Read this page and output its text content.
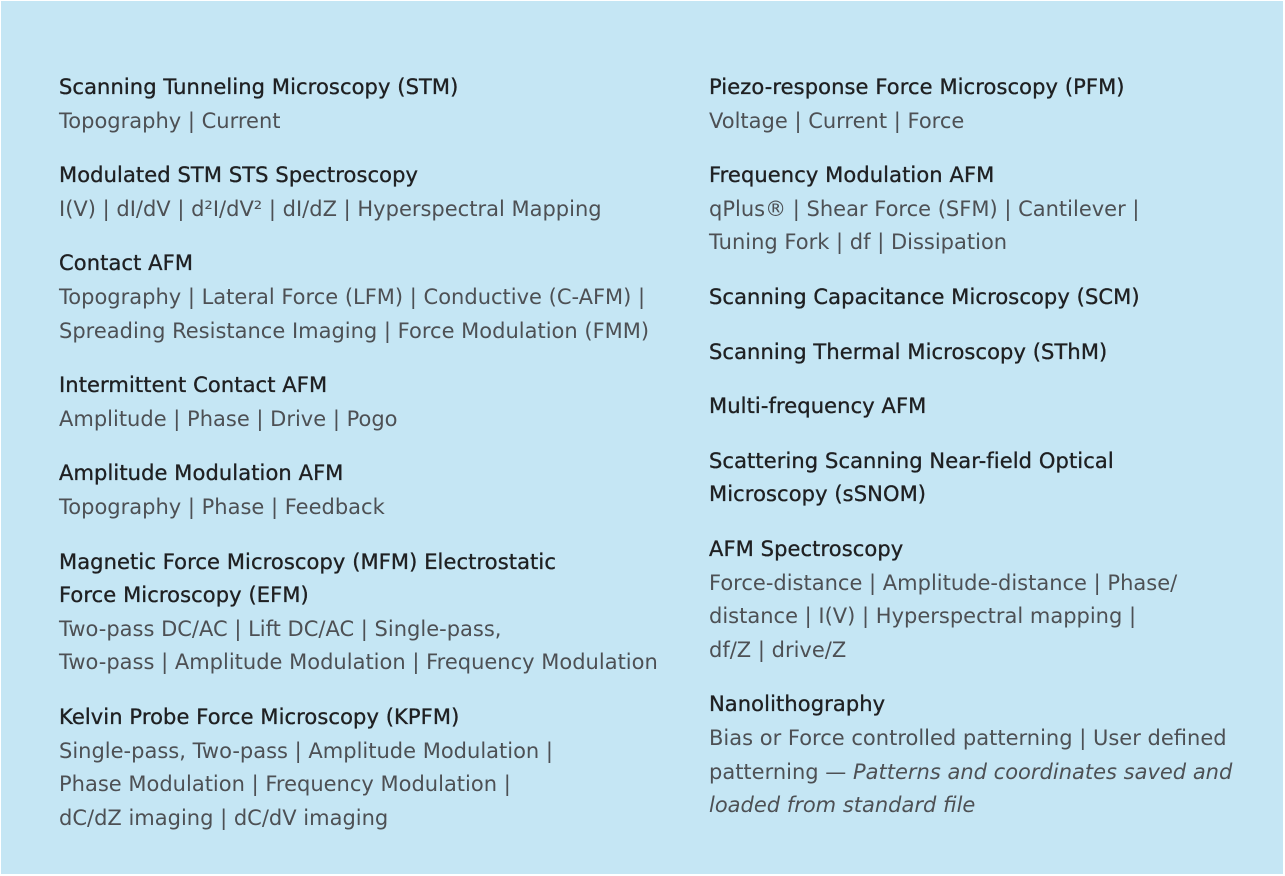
Scanning Tunneling Microscopy (STM)
Topography | Current
Modulated STM STS Spectroscopy
I(V) | dI/dV | d²I/dV² | dI/dZ | Hyperspectral Mapping
Contact AFM
Topography | Lateral Force (LFM) | Conductive (C-AFM) |
Spreading Resistance Imaging | Force Modulation (FMM)
Intermittent Contact AFM
Amplitude | Phase | Drive | Pogo
Amplitude Modulation AFM
Topography | Phase | Feedback
Magnetic Force Microscopy (MFM) Electrostatic
Force Microscopy (EFM)
Two-pass DC/AC | Lift DC/AC | Single-pass,
Two-pass | Amplitude Modulation | Frequency Modulation
Kelvin Probe Force Microscopy (KPFM)
Single-pass, Two-pass | Amplitude Modulation |
Phase Modulation | Frequency Modulation |
dC/dZ imaging | dC/dV imaging
Piezo-response Force Microscopy (PFM)
Voltage | Current | Force
Frequency Modulation AFM
qPlus® | Shear Force (SFM) | Cantilever |
Tuning Fork | df | Dissipation
Scanning Capacitance Microscopy (SCM)
Scanning Thermal Microscopy (SThM)
Multi-frequency AFM
Scattering Scanning Near-field Optical
Microscopy (sSNOM)
AFM Spectroscopy
Force-distance | Amplitude-distance | Phase/
distance | I(V) | Hyperspectral mapping |
df/Z | drive/Z
Nanolithography
Bias or Force controlled patterning | User defined
patterning — Patterns and coordinates saved and
loaded from standard file
